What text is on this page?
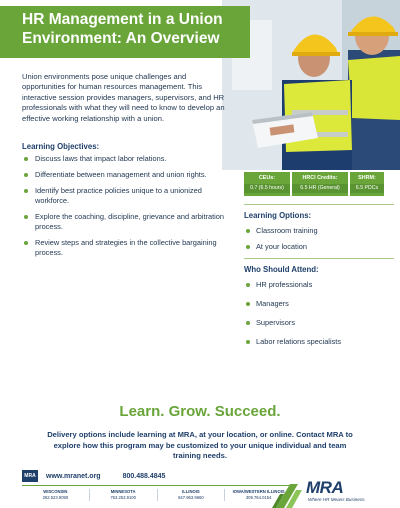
HR Management in a Union Environment: An Overview

Union environments pose unique challenges and opportunities for human resources management. This interactive session provides managers, supervisors, and HR professionals with what they will need to know to develop an effective working relationship with a union.

Learning Objectives:
Discuss laws that impact labor relations.
Differentiate between management and union rights.
Identify best practice policies unique to a unionized workforce.
Explore the coaching, discipline, grievance and arbitration process.
Review steps and strategies in the collective bargaining process.
CEUs:
0.7 (6.5 hours)
HRCI Credits:
6.5 HR (General)
SHRM:
6.5 PDCs
Learning Options:
Classroom training
At your location
Who Should Attend:
HR professionals
Managers
Supervisors
Labor relations specialists
Learn. Grow. Succeed.

Delivery options include learning at MRA, at your location, or online. Contact MRA to explore how this program may be customized to your unique individual and team training needs.

MRA	www.mranet.org	800.488.4845
WISCONSIN
262.523.9090
MINNESOTA
763.253.9100
ILLINOIS
847.963.9660
IOWA/WESTERN ILLINOIS
309.764.0154
MRA
Where HR Means Business.
